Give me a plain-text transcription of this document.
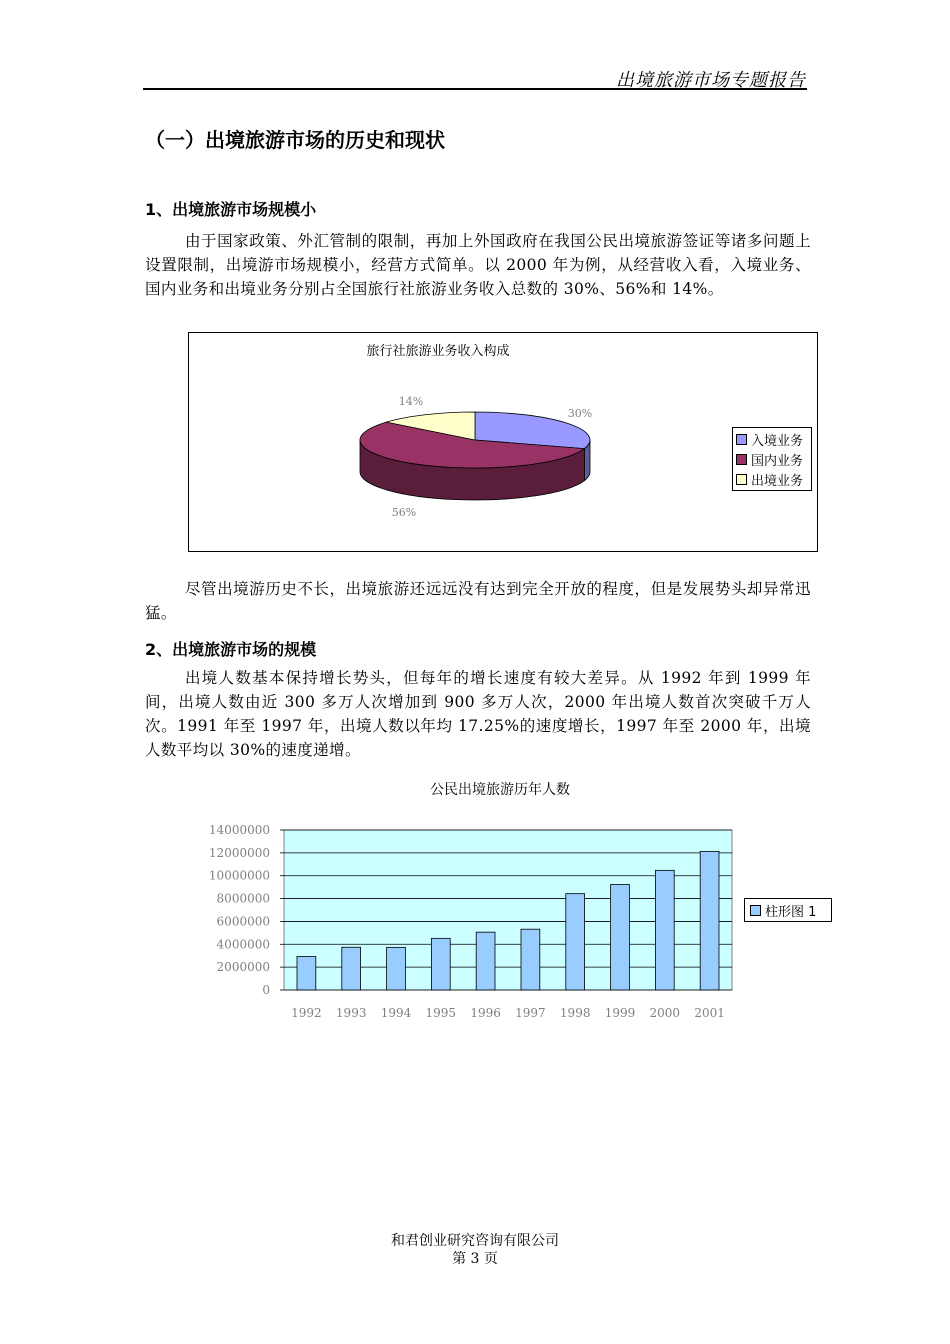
出境旅游市场专题报告
（一）出境旅游市场的历史和现状
1、出境旅游市场规模小
由于国家政策、外汇管制的限制，再加上外国政府在我国公民出境旅游签证等诸多问题上设置限制，出境游市场规模小，经营方式简单。以 2000 年为例，从经营收入看，入境业务、国内业务和出境业务分别占全国旅行社旅游业务收入总数的 30%、56%和 14%。
旅行社旅游业务收入构成
30%
56%
14%
入境业务
国内业务
出境业务
尽管出境游历史不长，出境旅游还远远没有达到完全开放的程度，但是发展势头却异常迅猛。
2、出境旅游市场的规模
出境人数基本保持增长势头，但每年的增长速度有较大差异。从 1992 年到 1999 年间，出境人数由近 300 多万人次增加到 900 多万人次，2000 年出境人数首次突破千万人次。1991 年至 1997 年，出境人数以年均 17.25%的速度增长，1997 年至 2000 年，出境人数平均以 30%的速度递增。
公民出境旅游历年人数
14000000
12000000
10000000
8000000
6000000
4000000
2000000
0
1992 1993 1994 1995 1996 1997 1998 1999 2000 2001
柱形图 1
和君创业研究咨询有限公司
第 3 页
